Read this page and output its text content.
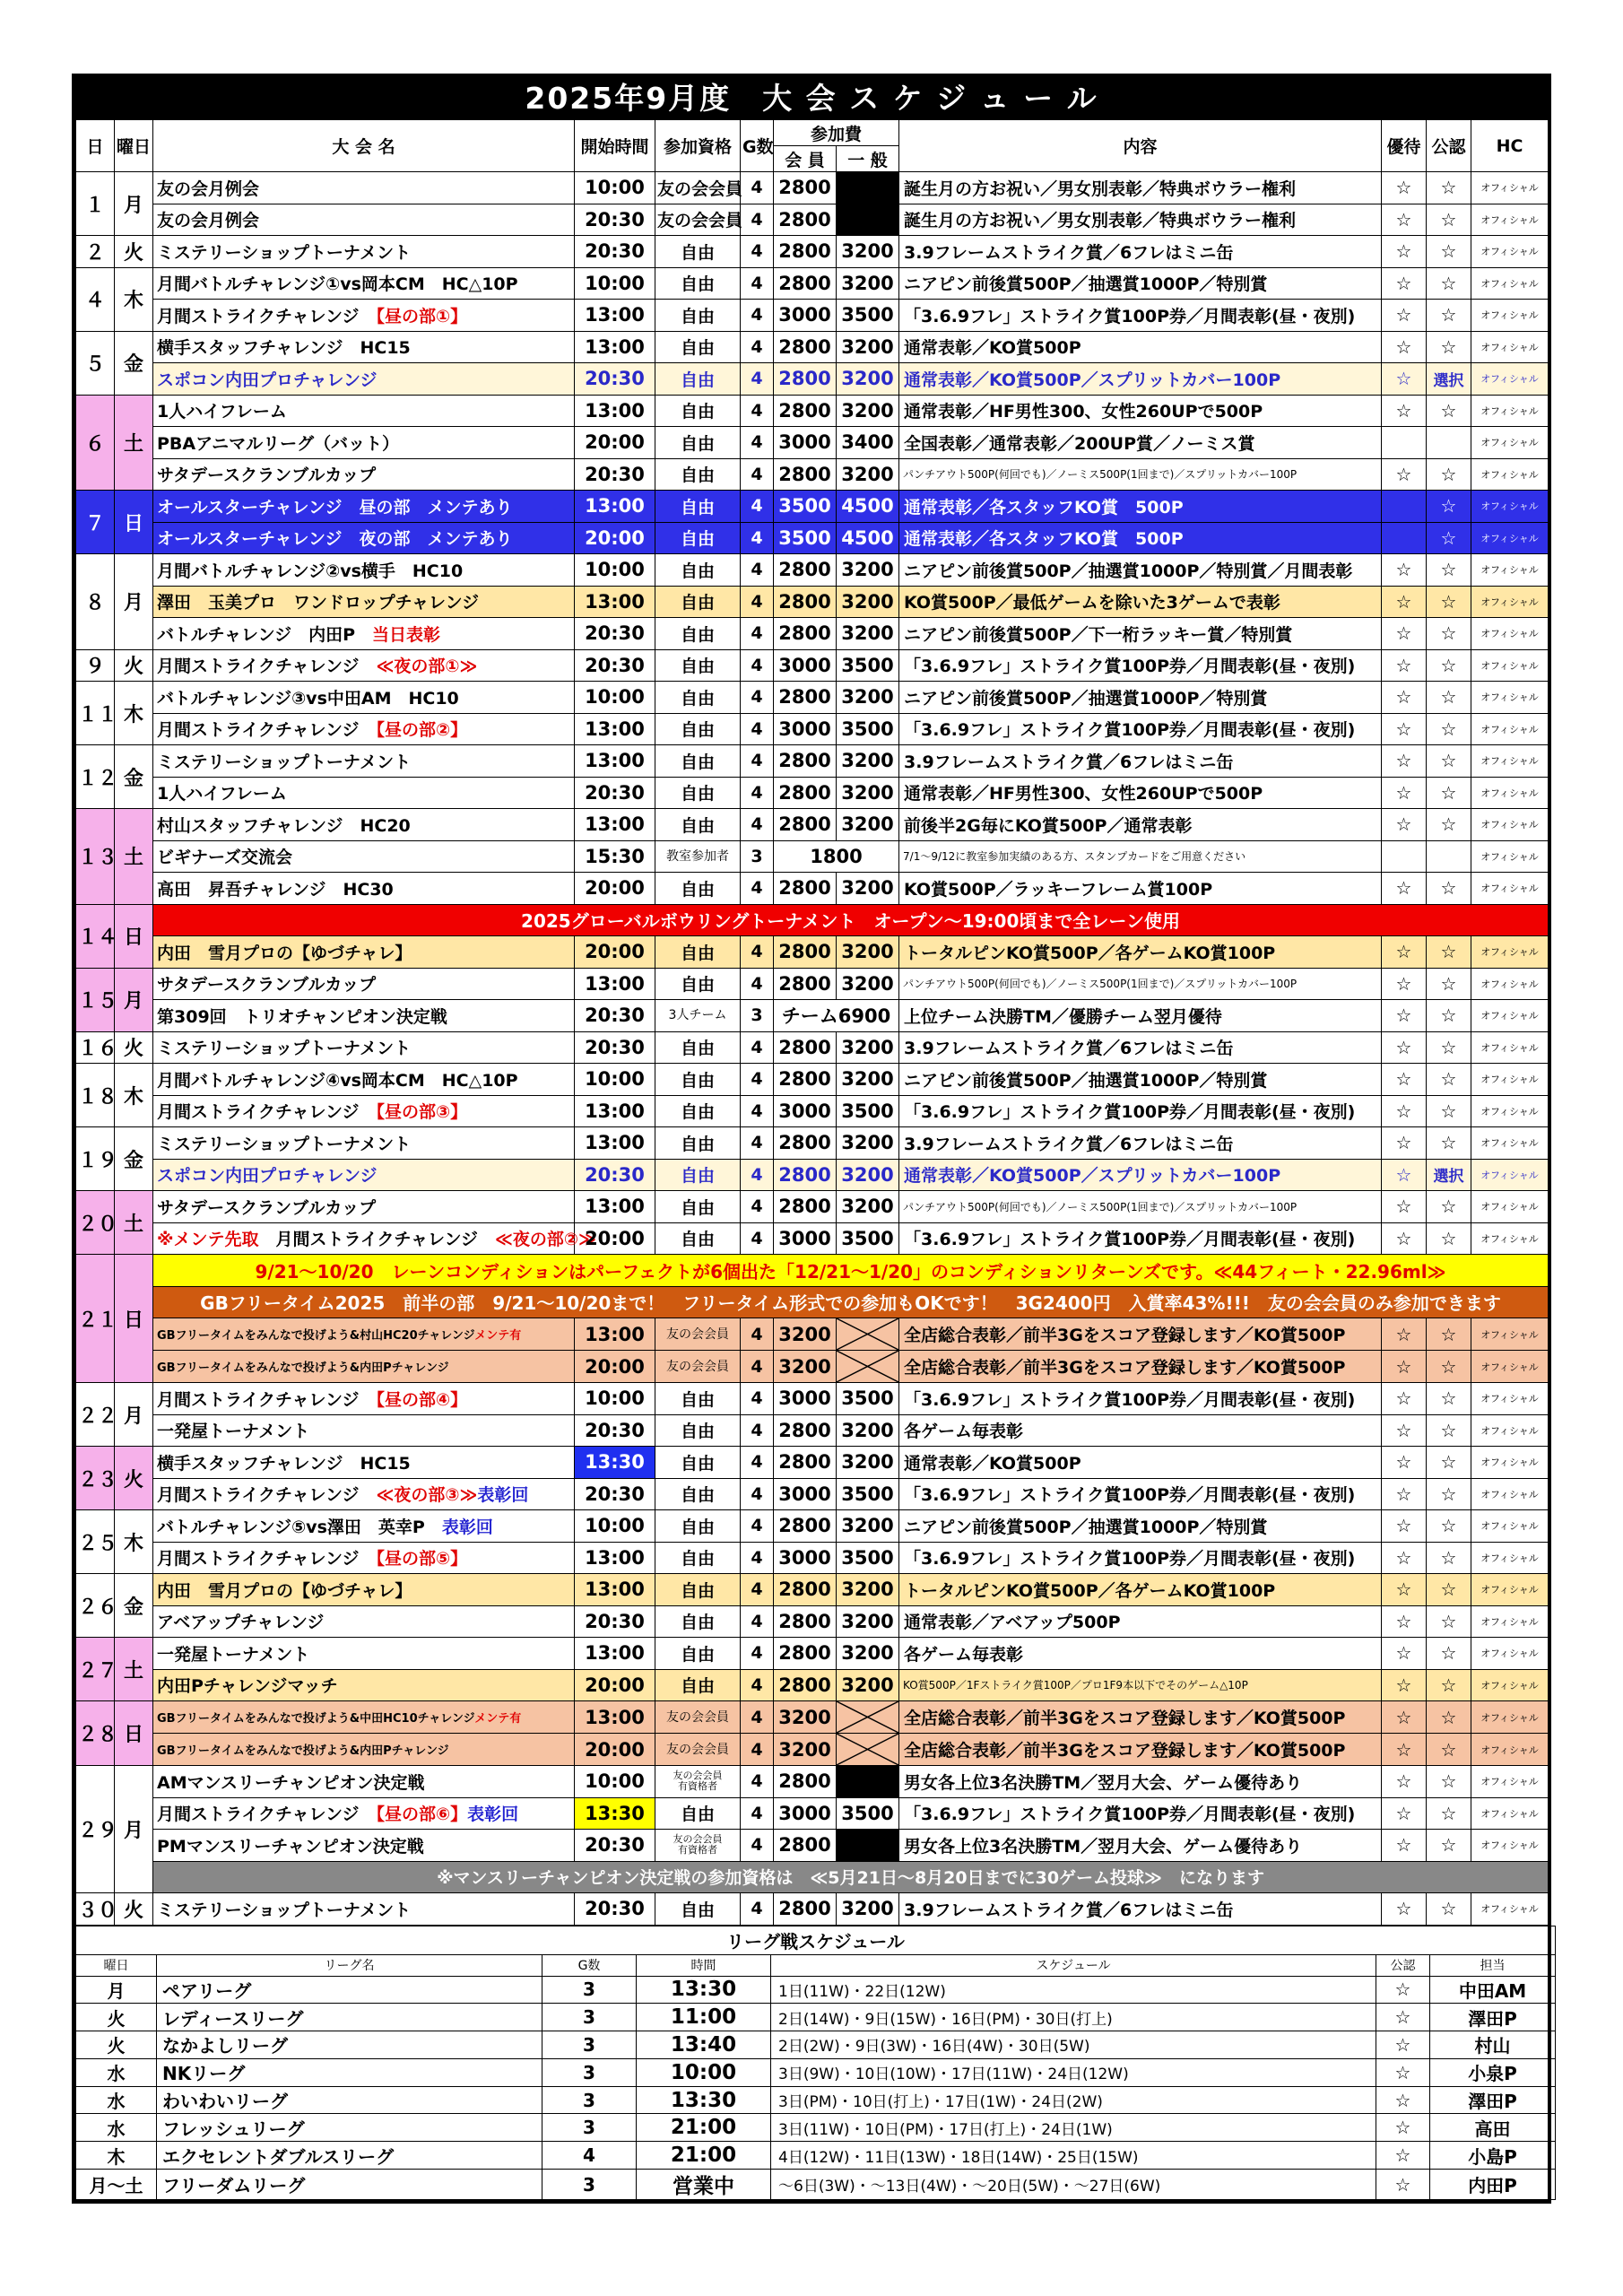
2025年9月度　大 会 ス ケ ジ ュ ー ル
日	曜日	大 会 名	開始時間	参加資格	G数	参加費		内容	優待	公認	HC
						会 員	一 般				
１	月	友の会月例会	10:00	友の会会員	4	2800		誕生月の方お祝い／男女別表彰／特典ボウラー権利	☆	☆	オフィシャル
		友の会月例会	20:30	友の会会員	4	2800		誕生月の方お祝い／男女別表彰／特典ボウラー権利	☆	☆	オフィシャル
２	火	ミステリーショップトーナメント	20:30	自由	4	2800	3200	3.9フレームストライク賞／6フレはミニ缶	☆	☆	オフィシャル
４	木	月間バトルチャレンジ①vs岡本CM　HC△10P	10:00	自由	4	2800	3200	ニアピン前後賞500P／抽選賞1000P／特別賞	☆	☆	オフィシャル
		月間ストライクチャレンジ　【昼の部①】	13:00	自由	4	3000	3500	「3.6.9フレ」ストライク賞100P券／月間表彰(昼・夜別)	☆	☆	オフィシャル
５	金	横手スタッフチャレンジ　HC15	13:00	自由	4	2800	3200	通常表彰／KO賞500P	☆	☆	オフィシャル
		スポコン内田プロチャレンジ	20:30	自由	4	2800	3200	通常表彰／KO賞500P／スプリットカバー100P	☆	選択	オフィシャル
６	土	1人ハイフレーム	13:00	自由	4	2800	3200	通常表彰／HF男性300、女性260UPで500P	☆	☆	オフィシャル
		PBAアニマルリーグ（バット）	20:00	自由	4	3000	3400	全国表彰／通常表彰／200UP賞／ノーミス賞			オフィシャル
		サタデースクランブルカップ	20:30	自由	4	2800	3200	パンチアウト500P(何回でも)／ノーミス500P(1回まで)／スプリットカバー100P	☆	☆	オフィシャル
７	日	オールスターチャレンジ　昼の部　メンテあり	13:00	自由	4	3500	4500	通常表彰／各スタッフKO賞　500P		☆	オフィシャル
		オールスターチャレンジ　夜の部　メンテあり	20:00	自由	4	3500	4500	通常表彰／各スタッフKO賞　500P		☆	オフィシャル
８	月	月間バトルチャレンジ②vs横手　HC10	10:00	自由	4	2800	3200	ニアピン前後賞500P／抽選賞1000P／特別賞／月間表彰	☆	☆	オフィシャル
		澤田　玉美プロ　ワンドロップチャレンジ	13:00	自由	4	2800	3200	KO賞500P／最低ゲームを除いた3ゲームで表彰	☆	☆	オフィシャル
		バトルチャレンジ　内田P　当日表彰	20:30	自由	4	2800	3200	ニアピン前後賞500P／下一桁ラッキー賞／特別賞	☆	☆	オフィシャル
９	火	月間ストライクチャレンジ　≪夜の部①≫	20:30	自由	4	3000	3500	「3.6.9フレ」ストライク賞100P券／月間表彰(昼・夜別)	☆	☆	オフィシャル
１１	木	バトルチャレンジ③vs中田AM　HC10	10:00	自由	4	2800	3200	ニアピン前後賞500P／抽選賞1000P／特別賞	☆	☆	オフィシャル
		月間ストライクチャレンジ　【昼の部②】	13:00	自由	4	3000	3500	「3.6.9フレ」ストライク賞100P券／月間表彰(昼・夜別)	☆	☆	オフィシャル
１２	金	ミステリーショップトーナメント	13:00	自由	4	2800	3200	3.9フレームストライク賞／6フレはミニ缶	☆	☆	オフィシャル
		1人ハイフレーム	20:30	自由	4	2800	3200	通常表彰／HF男性300、女性260UPで500P	☆	☆	オフィシャル
１３	土	村山スタッフチャレンジ　HC20	13:00	自由	4	2800	3200	前後半2G毎にKO賞500P／通常表彰	☆	☆	オフィシャル
		ビギナーズ交流会	15:30	教室参加者	3	1800		7/1～9/12に教室参加実績のある方、スタンプカードをご用意ください			オフィシャル
		高田　昇吾チャレンジ　HC30	20:00	自由	4	2800	3200	KO賞500P／ラッキーフレーム賞100P	☆	☆	オフィシャル
１４	日	2025グローバルボウリングトーナメント　オープン～19:00頃まで全レーン使用									
		内田　雪月プロの【ゆづチャレ】	20:00	自由	4	2800	3200	トータルピンKO賞500P／各ゲームKO賞100P	☆	☆	オフィシャル
１５	月	サタデースクランブルカップ	13:00	自由	4	2800	3200	パンチアウト500P(何回でも)／ノーミス500P(1回まで)／スプリットカバー100P	☆	☆	オフィシャル
		第309回　トリオチャンピオン決定戦	20:30	3人チーム	3	チーム6900		上位チーム決勝TM／優勝チーム翌月優待	☆	☆	オフィシャル
１６	火	ミステリーショップトーナメント	20:30	自由	4	2800	3200	3.9フレームストライク賞／6フレはミニ缶	☆	☆	オフィシャル
１８	木	月間バトルチャレンジ④vs岡本CM　HC△10P	10:00	自由	4	2800	3200	ニアピン前後賞500P／抽選賞1000P／特別賞	☆	☆	オフィシャル
		月間ストライクチャレンジ　【昼の部③】	13:00	自由	4	3000	3500	「3.6.9フレ」ストライク賞100P券／月間表彰(昼・夜別)	☆	☆	オフィシャル
１９	金	ミステリーショップトーナメント	13:00	自由	4	2800	3200	3.9フレームストライク賞／6フレはミニ缶	☆	☆	オフィシャル
		スポコン内田プロチャレンジ	20:30	自由	4	2800	3200	通常表彰／KO賞500P／スプリットカバー100P	☆	選択	オフィシャル
２０	土	サタデースクランブルカップ	13:00	自由	4	2800	3200	パンチアウト500P(何回でも)／ノーミス500P(1回まで)／スプリットカバー100P	☆	☆	オフィシャル
		※メンテ先取　月間ストライクチャレンジ　≪夜の部②≫	20:00	自由	4	3000	3500	「3.6.9フレ」ストライク賞100P券／月間表彰(昼・夜別)	☆	☆	オフィシャル
２１	日	9/21～10/20　レーンコンディションはパーフェクトが6個出た「12/21～1/20」のコンディションリターンズです。≪44フィート・22.96ml≫									
		GBフリータイム2025　前半の部　9/21～10/20まで！　フリータイム形式での参加もOKです！　3G2400円　入賞率43%!!!　友の会会員のみ参加できます									
		GBフリータイムをみんなで投げよう&村山HC20チャレンジメンテ有	13:00	友の会会員	4	3200		全店総合表彰／前半3Gをスコア登録します／KO賞500P	☆	☆	オフィシャル
		GBフリータイムをみんなで投げよう&内田Pチャレンジ	20:00	友の会会員	4	3200		全店総合表彰／前半3Gをスコア登録します／KO賞500P	☆	☆	オフィシャル
２２	月	月間ストライクチャレンジ　【昼の部④】	10:00	自由	4	3000	3500	「3.6.9フレ」ストライク賞100P券／月間表彰(昼・夜別)	☆	☆	オフィシャル
		一発屋トーナメント	20:30	自由	4	2800	3200	各ゲーム毎表彰	☆	☆	オフィシャル
２３	火	横手スタッフチャレンジ　HC15	13:30	自由	4	2800	3200	通常表彰／KO賞500P	☆	☆	オフィシャル
		月間ストライクチャレンジ　≪夜の部③≫表彰回	20:30	自由	4	3000	3500	「3.6.9フレ」ストライク賞100P券／月間表彰(昼・夜別)	☆	☆	オフィシャル
２５	木	バトルチャレンジ⑤vs澤田　英幸P　表彰回	10:00	自由	4	2800	3200	ニアピン前後賞500P／抽選賞1000P／特別賞	☆	☆	オフィシャル
		月間ストライクチャレンジ　【昼の部⑤】	13:00	自由	4	3000	3500	「3.6.9フレ」ストライク賞100P券／月間表彰(昼・夜別)	☆	☆	オフィシャル
２６	金	内田　雪月プロの【ゆづチャレ】	13:00	自由	4	2800	3200	トータルピンKO賞500P／各ゲームKO賞100P	☆	☆	オフィシャル
		アベアップチャレンジ	20:30	自由	4	2800	3200	通常表彰／アベアップ500P	☆	☆	オフィシャル
２７	土	一発屋トーナメント	13:00	自由	4	2800	3200	各ゲーム毎表彰	☆	☆	オフィシャル
		内田Pチャレンジマッチ	20:00	自由	4	2800	3200	KO賞500P／1Fストライク賞100P／プロ1F9本以下でそのゲーム△10P	☆	☆	オフィシャル
２８	日	GBフリータイムをみんなで投げよう&中田HC10チャレンジメンテ有	13:00	友の会会員	4	3200		全店総合表彰／前半3Gをスコア登録します／KO賞500P	☆	☆	オフィシャル
		GBフリータイムをみんなで投げよう&内田Pチャレンジ	20:00	友の会会員	4	3200		全店総合表彰／前半3Gをスコア登録します／KO賞500P	☆	☆	オフィシャル
２９	月	AMマンスリーチャンピオン決定戦	10:00	友の会会員
有資格者	4	2800		男女各上位3名決勝TM／翌月大会、ゲーム優待あり	☆	☆	オフィシャル
		月間ストライクチャレンジ　【昼の部⑥】表彰回	13:30	自由	4	3000	3500	「3.6.9フレ」ストライク賞100P券／月間表彰(昼・夜別)	☆	☆	オフィシャル
		PMマンスリーチャンピオン決定戦	20:30	友の会会員
有資格者	4	2800		男女各上位3名決勝TM／翌月大会、ゲーム優待あり	☆	☆	オフィシャル
		※マンスリーチャンピオン決定戦の参加資格は　≪5月21日～8月20日までに30ゲーム投球≫　になります									
３０	火	ミステリーショップトーナメント	20:30	自由	4	2800	3200	3.9フレームストライク賞／6フレはミニ缶	☆	☆	オフィシャル
リーグ戦スケジュール						
曜日	リーグ名	G数	時間	スケジュール	公認	担当
月	ペアリーグ	3	13:30	1日(11W)・22日(12W)	☆	中田AM
火	レディースリーグ	3	11:00	2日(14W)・9日(15W)・16日(PM)・30日(打上)	☆	澤田P
火	なかよしリーグ	3	13:40	2日(2W)・9日(3W)・16日(4W)・30日(5W)	☆	村山
水	NKリーグ	3	10:00	3日(9W)・10日(10W)・17日(11W)・24日(12W)	☆	小泉P
水	わいわいリーグ	3	13:30	3日(PM)・10日(打上)・17日(1W)・24日(2W)	☆	澤田P
水	フレッシュリーグ	3	21:00	3日(11W)・10日(PM)・17日(打上)・24日(1W)	☆	高田
木	エクセレントダブルスリーグ	4	21:00	4日(12W)・11日(13W)・18日(14W)・25日(15W)	☆	小島P
月～土	フリーダムリーグ	3	営業中	～6日(3W)・～13日(4W)・～20日(5W)・～27日(6W)	☆	内田P
